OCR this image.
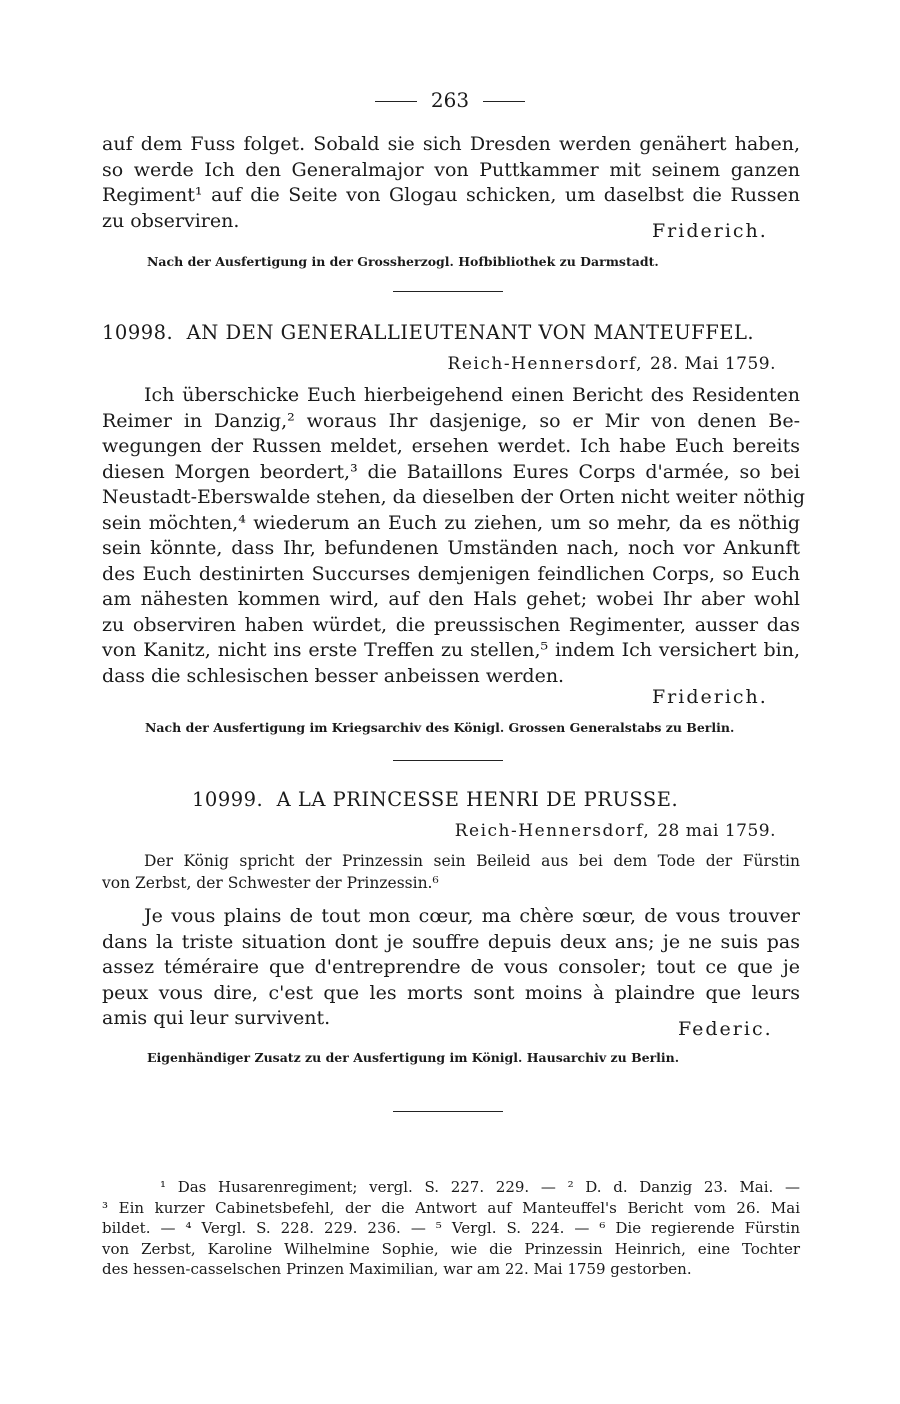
263
auf dem Fuss folget. Sobald sie sich Dresden werden genähert haben,
so werde Ich den Generalmajor von Puttkammer mit seinem ganzen
Regiment¹ auf die Seite von Glogau schicken, um daselbst die Russen
zu observiren.	Friderich.
Nach der Ausfertigung in der Grossherzogl. Hofbibliothek zu Darmstadt.
10998. AN DEN GENERALLIEUTENANT VON MANTEUFFEL.
Reich-Hennersdorf, 28. Mai 1759.
Ich überschicke Euch hierbeigehend einen Bericht des Residenten
Reimer in Danzig,² woraus Ihr dasjenige, so er Mir von denen Be-
wegungen der Russen meldet, ersehen werdet. Ich habe Euch bereits
diesen Morgen beordert,³ die Bataillons Eures Corps d'armée, so bei
Neustadt-Eberswalde stehen, da dieselben der Orten nicht weiter nöthig
sein möchten,⁴ wiederum an Euch zu ziehen, um so mehr, da es nöthig
sein könnte, dass Ihr, befundenen Umständen nach, noch vor Ankunft
des Euch destinirten Succurses demjenigen feindlichen Corps, so Euch
am nähesten kommen wird, auf den Hals gehet; wobei Ihr aber wohl
zu observiren haben würdet, die preussischen Regimenter, ausser das
von Kanitz, nicht ins erste Treffen zu stellen,⁵ indem Ich versichert bin,
dass die schlesischen besser anbeissen werden.
Friderich.
Nach der Ausfertigung im Kriegsarchiv des Königl. Grossen Generalstabs zu Berlin.
10999. A LA PRINCESSE HENRI DE PRUSSE.
Reich-Hennersdorf, 28 mai 1759.
Der König spricht der Prinzessin sein Beileid aus bei dem Tode der Fürstin
von Zerbst, der Schwester der Prinzessin.⁶
Je vous plains de tout mon cœur, ma chère sœur, de vous trouver
dans la triste situation dont je souffre depuis deux ans; je ne suis pas
assez téméraire que d'entreprendre de vous consoler; tout ce que je
peux vous dire, c'est que les morts sont moins à plaindre que leurs
amis qui leur survivent.	Federic.
Eigenhändiger Zusatz zu der Ausfertigung im Königl. Hausarchiv zu Berlin.
¹ Das Husarenregiment; vergl. S. 227. 229. — ² D. d. Danzig 23. Mai. —
³ Ein kurzer Cabinetsbefehl, der die Antwort auf Manteuffel's Bericht vom 26. Mai
bildet. — ⁴ Vergl. S. 228. 229. 236. — ⁵ Vergl. S. 224. — ⁶ Die regierende Fürstin
von Zerbst, Karoline Wilhelmine Sophie, wie die Prinzessin Heinrich, eine Tochter
des hessen-casselschen Prinzen Maximilian, war am 22. Mai 1759 gestorben.
